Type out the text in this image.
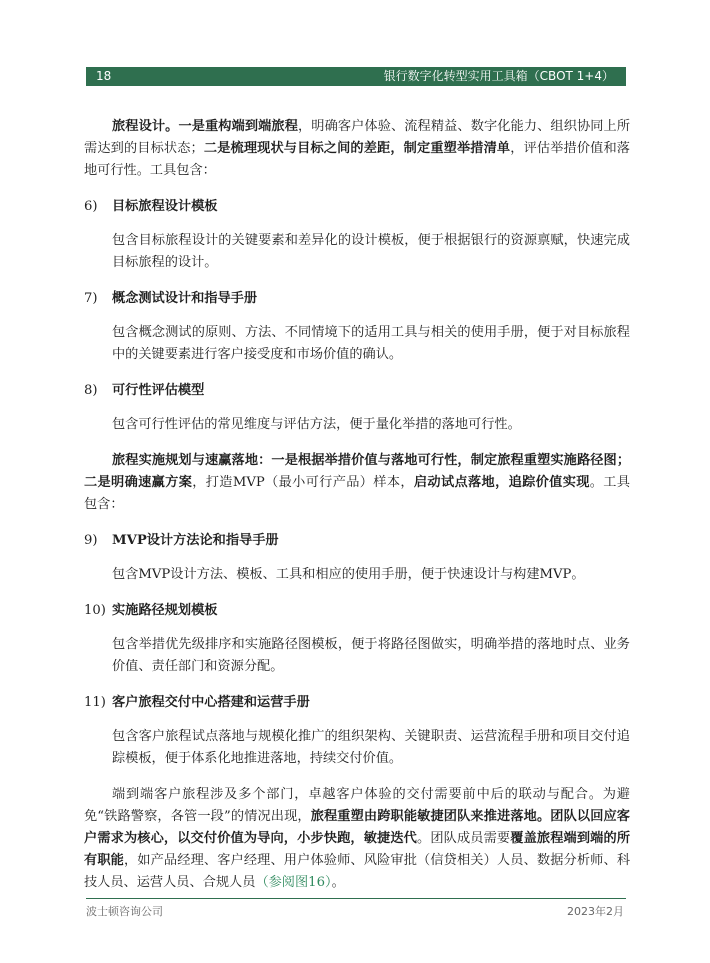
18	银行数字化转型实用工具箱（CBOT 1+4）

旅程设计。一是重构端到端旅程，明确客户体验、流程精益、数字化能力、组织协同上所需达到的目标状态；二是梳理现状与目标之间的差距，制定重塑举措清单，评估举措价值和落地可行性。工具包含：

6)	目标旅程设计模板

包含目标旅程设计的关键要素和差异化的设计模板，便于根据银行的资源禀赋，快速完成目标旅程的设计。

7)	概念测试设计和指导手册

包含概念测试的原则、方法、不同情境下的适用工具与相关的使用手册，便于对目标旅程中的关键要素进行客户接受度和市场价值的确认。

8)	可行性评估模型

包含可行性评估的常见维度与评估方法，便于量化举措的落地可行性。

旅程实施规划与速赢落地：一是根据举措价值与落地可行性，制定旅程重塑实施路径图；二是明确速赢方案，打造MVP（最小可行产品）样本，启动试点落地，追踪价值实现。工具包含：

9)	MVP设计方法论和指导手册

包含MVP设计方法、模板、工具和相应的使用手册，便于快速设计与构建MVP。

10) 实施路径规划模板

包含举措优先级排序和实施路径图模板，便于将路径图做实，明确举措的落地时点、业务价值、责任部门和资源分配。

11) 客户旅程交付中心搭建和运营手册

包含客户旅程试点落地与规模化推广的组织架构、关键职责、运营流程手册和项目交付追踪模板，便于体系化地推进落地，持续交付价值。

端到端客户旅程涉及多个部门，卓越客户体验的交付需要前中后的联动与配合。为避免“铁路警察，各管一段”的情况出现，旅程重塑由跨职能敏捷团队来推进落地。团队以回应客户需求为核心，以交付价值为导向，小步快跑，敏捷迭代。团队成员需要覆盖旅程端到端的所有职能，如产品经理、客户经理、用户体验师、风险审批（信贷相关）人员、数据分析师、科技人员、运营人员、合规人员（参阅图16）。

波士顿咨询公司	2023年2月
